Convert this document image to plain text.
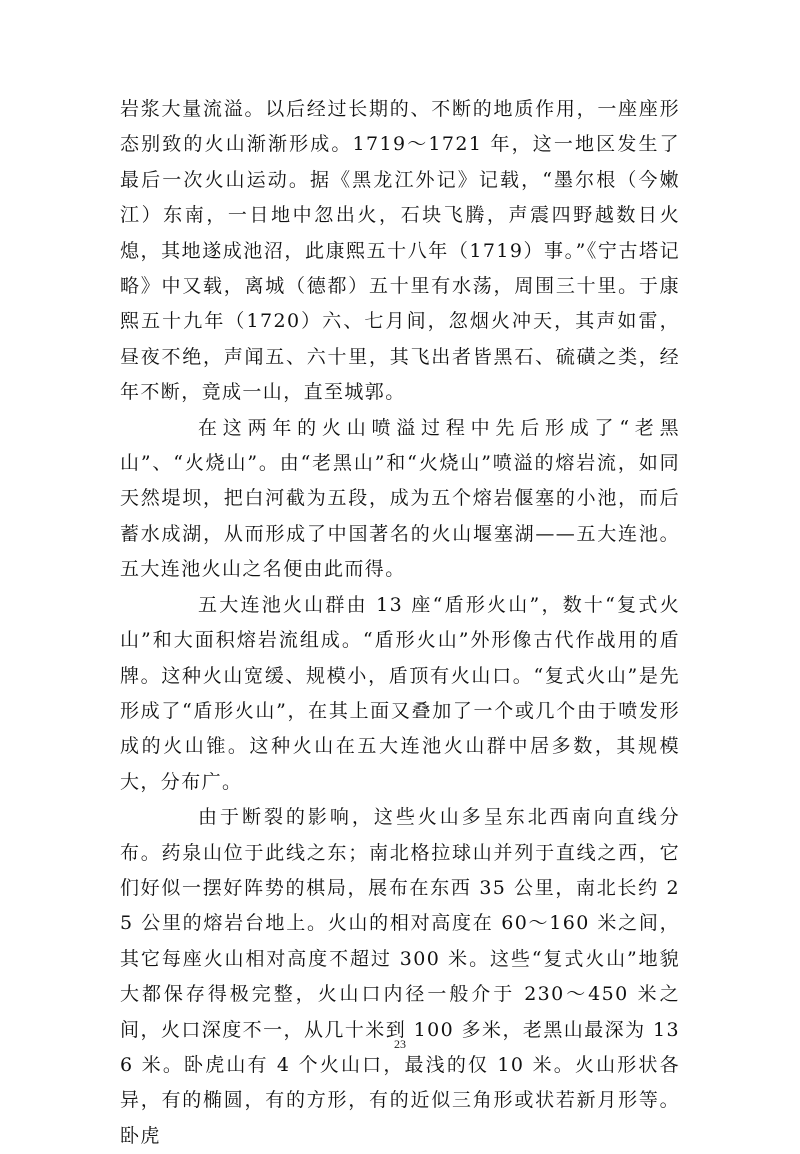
岩浆大量流溢。以后经过长期的、不断的地质作用，一座座形态别致的火山渐渐形成。1719～1721 年，这一地区发生了最后一次火山运动。据《黑龙江外记》记载，“墨尔根（今嫩江）东南，一日地中忽出火，石块飞腾，声震四野越数日火熄，其地遂成池沼，此康熙五十八年（1719）事。”《宁古塔记略》中又载，离城（德都）五十里有水荡，周围三十里。于康熙五十九年（1720）六、七月间，忽烟火冲天，其声如雷，昼夜不绝，声闻五、六十里，其飞出者皆黑石、硫磺之类，经年不断，竟成一山，直至城郭。

在这两年的火山喷溢过程中先后形成了“老黑山”、“火烧山”。由“老黑山”和“火烧山”喷溢的熔岩流，如同天然堤坝，把白河截为五段，成为五个熔岩偃塞的小池，而后蓄水成湖，从而形成了中国著名的火山堰塞湖——五大连池。五大连池火山之名便由此而得。

五大连池火山群由 13 座“盾形火山”，数十“复式火山”和大面积熔岩流组成。“盾形火山”外形像古代作战用的盾牌。这种火山宽缓、规模小，盾顶有火山口。“复式火山”是先形成了“盾形火山”，在其上面又叠加了一个或几个由于喷发形成的火山锥。这种火山在五大连池火山群中居多数，其规模大，分布广。

由于断裂的影响，这些火山多呈东北西南向直线分布。药泉山位于此线之东；南北格拉球山并列于直线之西，它们好似一摆好阵势的棋局，展布在东西 35 公里，南北长约 25 公里的熔岩台地上。火山的相对高度在 60～160 米之间，其它每座火山相对高度不超过 300 米。这些“复式火山”地貌大都保存得极完整，火山口内径一般介于 230～450 米之间，火口深度不一，从几十米到 100 多米，老黑山最深为 136 米。卧虎山有 4 个火山口，最浅的仅 10 米。火山形状各异，有的椭圆，有的方形，有的近似三角形或状若新月形等。卧虎

23
